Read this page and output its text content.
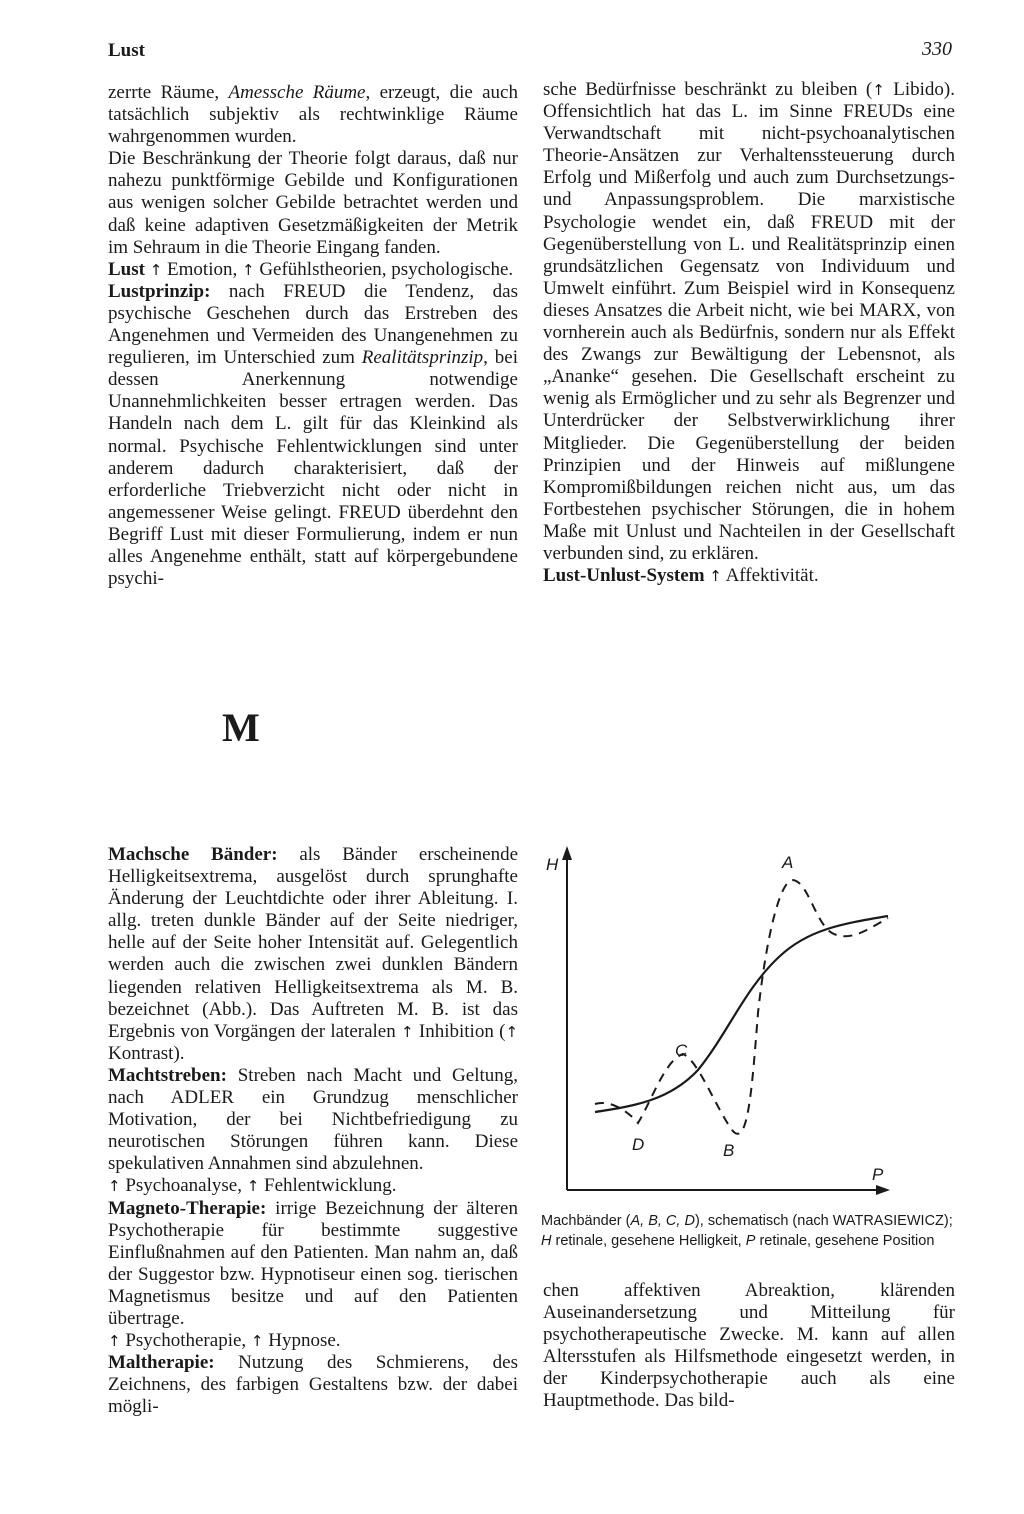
Lust	330

zerrte Räume, Amessche Räume, erzeugt, die auch tatsächlich subjektiv als rechtwinklige Räume wahrgenommen wurden.

Die Beschränkung der Theorie folgt daraus, daß nur nahezu punktförmige Gebilde und Konfigurationen aus wenigen solcher Gebilde betrachtet werden und daß keine adaptiven Gesetzmäßigkeiten der Metrik im Sehraum in die Theorie Eingang fanden.

Lust ↑ Emotion, ↑ Gefühlstheorien, psychologische.

Lustprinzip: nach FREUD die Tendenz, das psychische Geschehen durch das Erstreben des Angenehmen und Vermeiden des Unangenehmen zu regulieren, im Unterschied zum Realitätsprinzip, bei dessen Anerkennung notwendige Unannehmlichkeiten besser ertragen werden. Das Handeln nach dem L. gilt für das Kleinkind als normal. Psychische Fehlentwicklungen sind unter anderem dadurch charakterisiert, daß der erforderliche Triebverzicht nicht oder nicht in angemessener Weise gelingt. FREUD überdehnt den Begriff Lust mit dieser Formulierung, indem er nun alles Angenehme enthält, statt auf körpergebundene psychi-

sche Bedürfnisse beschränkt zu bleiben (↑ Libido). Offensichtlich hat das L. im Sinne FREUDs eine Verwandtschaft mit nicht-psychoanalytischen Theorie-Ansätzen zur Verhaltenssteuerung durch Erfolg und Mißerfolg und auch zum Durchsetzungs- und Anpassungsproblem. Die marxistische Psychologie wendet ein, daß FREUD mit der Gegenüberstellung von L. und Realitätsprinzip einen grundsätzlichen Gegensatz von Individuum und Umwelt einführt. Zum Beispiel wird in Konsequenz dieses Ansatzes die Arbeit nicht, wie bei MARX, von vornherein auch als Bedürfnis, sondern nur als Effekt des Zwangs zur Bewältigung der Lebensnot, als „Ananke“ gesehen. Die Gesellschaft erscheint zu wenig als Ermöglicher und zu sehr als Begrenzer und Unterdrücker der Selbstverwirklichung ihrer Mitglieder. Die Gegenüberstellung der beiden Prinzipien und der Hinweis auf mißlungene Kompromißbildungen reichen nicht aus, um das Fortbestehen psychischer Störungen, die in hohem Maße mit Unlust und Nachteilen in der Gesellschaft verbunden sind, zu erklären.

Lust-Unlust-System ↑ Affektivität.

M

Machsche Bänder: als Bänder erscheinende Helligkeitsextrema, ausgelöst durch sprunghafte Änderung der Leuchtdichte oder ihrer Ableitung. I. allg. treten dunkle Bänder auf der Seite niedriger, helle auf der Seite hoher Intensität auf. Gelegentlich werden auch die zwischen zwei dunklen Bändern liegenden relativen Helligkeitsextrema als M. B. bezeichnet (Abb.). Das Auftreten M. B. ist das Ergebnis von Vorgängen der lateralen ↑ Inhibition (↑ Kontrast).

Machtstreben: Streben nach Macht und Geltung, nach ADLER ein Grundzug menschlicher Motivation, der bei Nichtbefriedigung zu neurotischen Störungen führen kann. Diese spekulativen Annahmen sind abzulehnen.

↑ Psychoanalyse, ↑ Fehlentwicklung.

Magneto-Therapie: irrige Bezeichnung der älteren Psychotherapie für bestimmte suggestive Einflußnahmen auf den Patienten. Man nahm an, daß der Suggestor bzw. Hypnotiseur einen sog. tierischen Magnetismus besitze und auf den Patienten übertrage.

↑ Psychotherapie, ↑ Hypnose.

Maltherapie: Nutzung des Schmierens, des Zeichnens, des farbigen Gestaltens bzw. der dabei mögli-

H
P
A
B
C
D
Machbänder (A, B, C, D), schematisch (nach WATRASIEWICZ); H retinale, gesehene Helligkeit, P retinale, gesehene Position

chen affektiven Abreaktion, klärenden Auseinandersetzung und Mitteilung für psychotherapeutische Zwecke. M. kann auf allen Altersstufen als Hilfsmethode eingesetzt werden, in der Kinderpsychotherapie auch als eine Hauptmethode. Das bild-
